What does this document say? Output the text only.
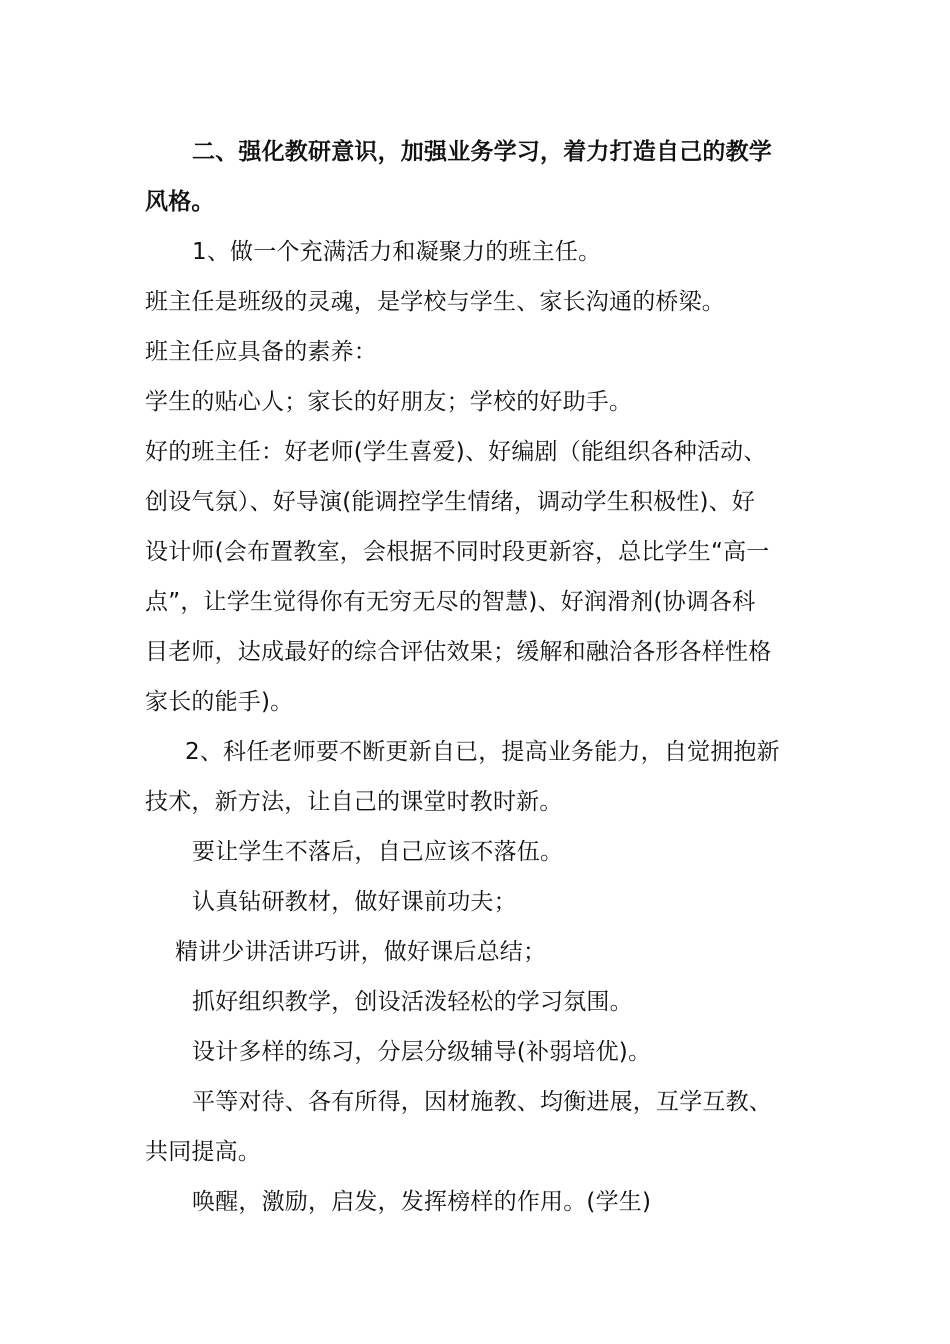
二、强化教研意识，加强业务学习，着力打造自己的教学
风格。
1、做一个充满活力和凝聚力的班主任。
班主任是班级的灵魂，是学校与学生、家长沟通的桥梁。
班主任应具备的素养：
学生的贴心人；家长的好朋友；学校的好助手。
好的班主任：好老师(学生喜爱)、好编剧（能组织各种活动、
创设气氛）、好导演(能调控学生情绪，调动学生积极性)、好
设计师(会布置教室，会根据不同时段更新容，总比学生“高一
点”，让学生觉得你有无穷无尽的智慧)、好润滑剂(协调各科
目老师，达成最好的综合评估效果；缓解和融洽各形各样性格
家长的能手)。
2、科任老师要不断更新自已，提高业务能力，自觉拥抱新
技术，新方法，让自己的课堂时教时新。
要让学生不落后，自己应该不落伍。
认真钻研教材，做好课前功夫；
精讲少讲活讲巧讲，做好课后总结；
抓好组织教学，创设活泼轻松的学习氛围。
设计多样的练习，分层分级辅导(补弱培优)。
平等对待、各有所得，因材施教、均衡进展，互学互教、
共同提高。
唤醒，激励，启发，发挥榜样的作用。(学生)
